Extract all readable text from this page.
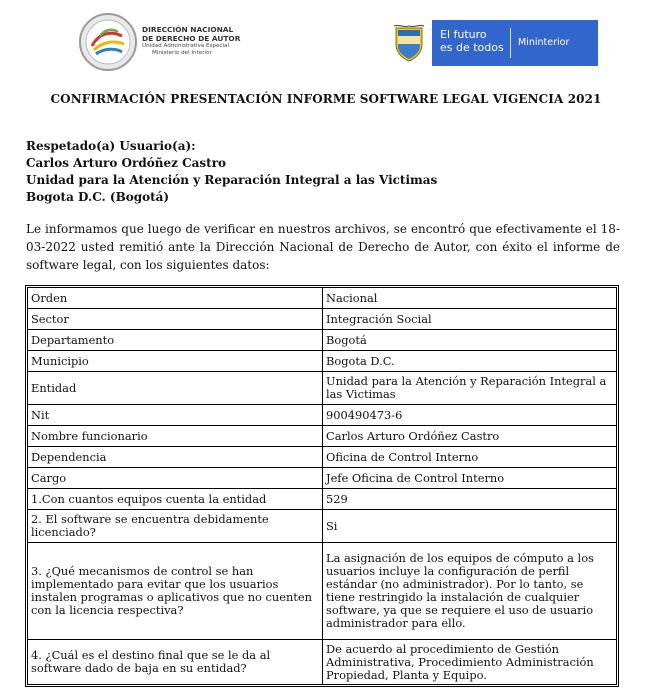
DIRECCIÓN NACIONAL
DE DERECHO DE AUTOR
Unidad Administrativa Especial
Ministerio del Interior
El futuro
es de todos Mininterior
CONFIRMACIÓN PRESENTACIÓN INFORME SOFTWARE LEGAL VIGENCIA 2021
Respetado(a) Usuario(a):
Carlos Arturo Ordóñez Castro
Unidad para la Atención y Reparación Integral a las Victimas
Bogota D.C. (Bogotá)
Le informamos que luego de verificar en nuestros archivos, se encontró que efectivamente el 18-03-2022 usted remitió ante la Dirección Nacional de Derecho de Autor, con éxito el informe de software legal, con los siguientes datos:
Orden	Nacional
Sector	Integración Social
Departamento	Bogotá
Municipio	Bogota D.C.
Entidad	Unidad para la Atención y Reparación Integral a las Victimas
Nit	900490473-6
Nombre funcionario	Carlos Arturo Ordóñez Castro
Dependencia	Oficina de Control Interno
Cargo	Jefe Oficina de Control Interno
1.Con cuantos equipos cuenta la entidad	529
2. El software se encuentra debidamente licenciado?	Si
3. ¿Qué mecanismos de control se han implementado para evitar que los usuarios instalen programas o aplicativos que no cuenten con la licencia respectiva?	La asignación de los equipos de cómputo a los usuarios incluye la configuración de perfil estándar (no administrador). Por lo tanto, se tiene restringido la instalación de cualquier software, ya que se requiere el uso de usuario administrador para ello.
4. ¿Cuál es el destino final que se le da al software dado de baja en su entidad?	De acuerdo al procedimiento de Gestión Administrativa, Procedimiento Administración Propiedad, Planta y Equipo.
